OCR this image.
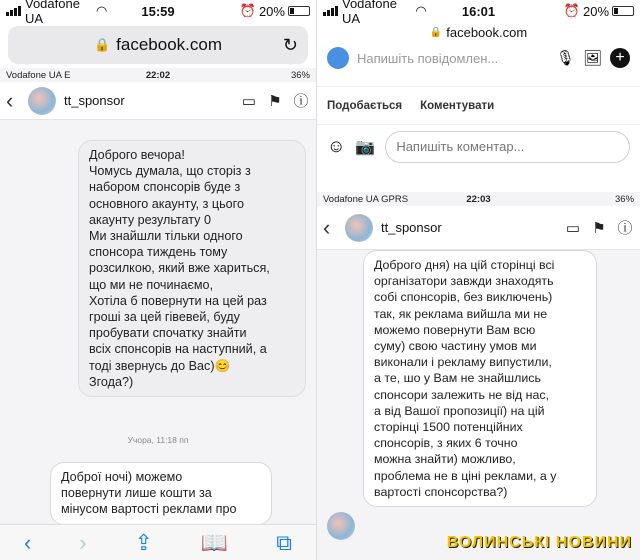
Vodafone UA
◠	15:59	⏰ 20%
🔒 facebook.com	↻
Vodafone UA E	22:02	36%
‹	tt_sponsor	▭ ⚑ ⓘ
Доброго вечора!
Чомусь думала, що сторіз з
набором спонсорів буде з
основного акаунту, з цього
акаунту результату 0
Ми знайшли тільки одного
спонсора тиждень тому
розсилкою, який вже хариться,
що ми не починаємо,
Хотіла б повернути на цей раз
гроші за цей гівевей, буду
пробувати спочатку знайти
всіх спонсорів на наступний, а
тоді звернусь до Вас)😊
Згода?)
Учора, 11:18 пп
Доброї ночі) можемо
повернути лише кошти за
мінусом вартості реклами про
‹ › ⇪ 📖 ⧉
Vodafone UA
◠	16:01	⏰ 20%
🔒 facebook.com
Напишіть повідомлен...	🎙 🖼 +
Подобається Коментувати
☺ 📷	Напишіть коментар...
Vodafone UA GPRS	22:03	36%
‹	tt_sponsor	▭ ⚑ ⓘ
Доброго дня) на цій сторінці всі
організатори завжди знаходять
собі спонсорів, без виключень)
так, як реклама вийшла ми не
можемо повернути Вам всю
суму) свою частину умов ми
виконали і рекламу випустили,
а те, шо у Вам не знайшлись
спонсори залежить не від нас,
а від Вашої пропозиції) на цій
сторінці 1500 потенційних
спонсорів, з яких 6 точно
можна знайти) можливо,
проблема не в ціні реклами, а у
вартості спонсорства?)
ВОЛИНСЬКІ НОВИНИ
